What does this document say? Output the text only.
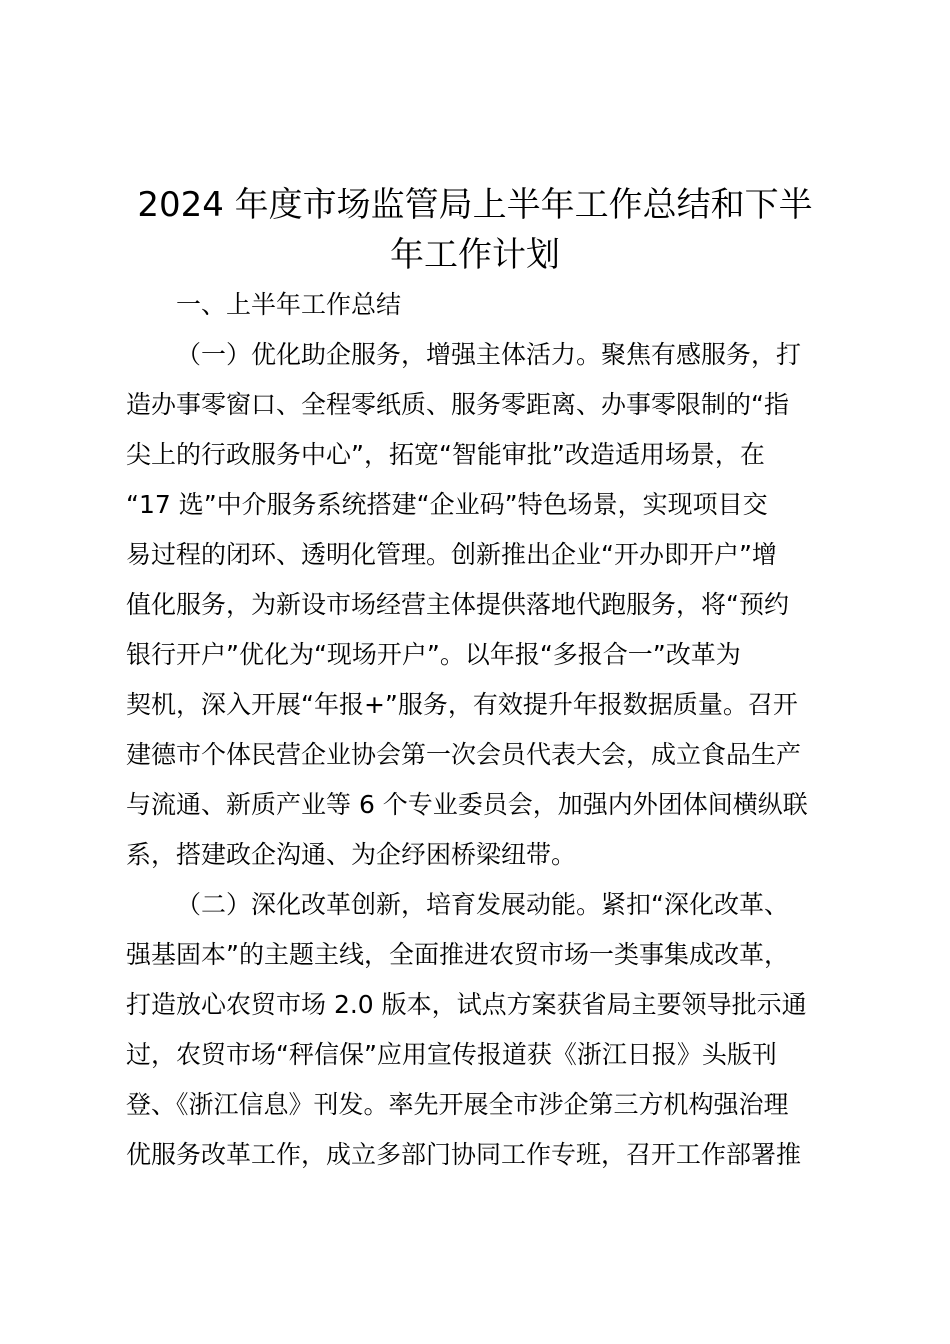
2024 年度市场监管局上半年工作总结和下半
年工作计划

一、上半年工作总结

（一）优化助企服务，增强主体活力。聚焦有感服务，打

造办事零窗口、全程零纸质、服务零距离、办事零限制的“指

尖上的行政服务中心”，拓宽“智能审批”改造适用场景，在

“17 选”中介服务系统搭建“企业码”特色场景，实现项目交

易过程的闭环、透明化管理。创新推出企业“开办即开户”增

值化服务，为新设市场经营主体提供落地代跑服务，将“预约

银行开户”优化为“现场开户”。以年报“多报合一”改革为

契机，深入开展“年报+”服务，有效提升年报数据质量。召开

建德市个体民营企业协会第一次会员代表大会，成立食品生产

与流通、新质产业等 6 个专业委员会，加强内外团体间横纵联

系，搭建政企沟通、为企纾困桥梁纽带。

（二）深化改革创新，培育发展动能。紧扣“深化改革、

强基固本”的主题主线，全面推进农贸市场一类事集成改革，

打造放心农贸市场 2.0 版本，试点方案获省局主要领导批示通

过，农贸市场“秤信保”应用宣传报道获《浙江日报》头版刊

登、《浙江信息》刊发。率先开展全市涉企第三方机构强治理

优服务改革工作，成立多部门协同工作专班，召开工作部署推
